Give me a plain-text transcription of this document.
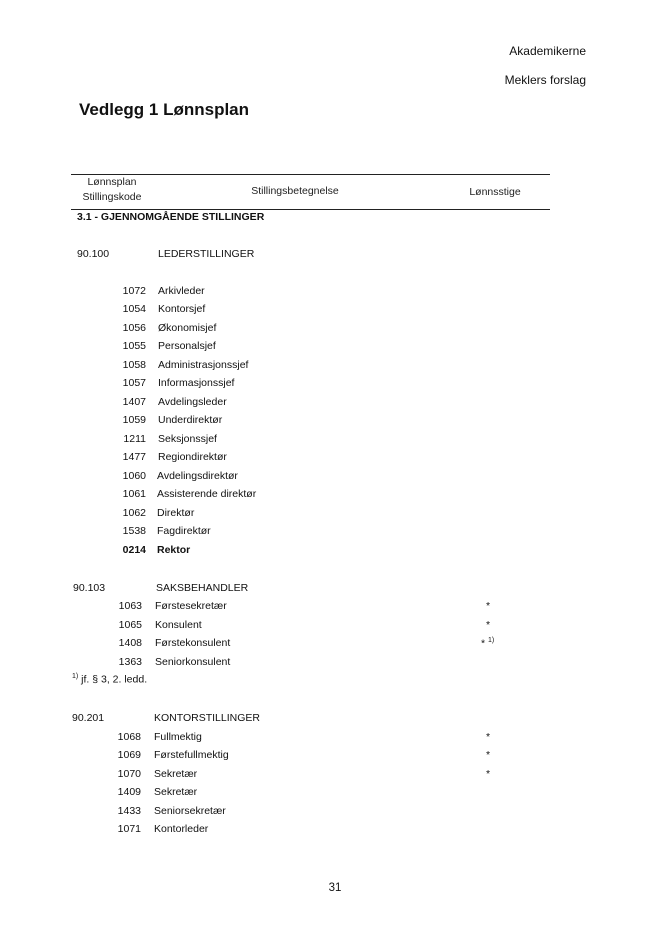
Akademikerne
Meklers forslag
Vedlegg 1 Lønnsplan
Lønnsplan
Stillingskode	Stillingsbetegnelse	Lønnsstige
3.1 - GJENNOMGÅENDE STILLINGER
90.100	LEDERSTILLINGER
1072 Arkivleder
1054 Kontorsjef
1056 Økonomisjef
1055 Personalsjef
1058 Administrasjonssjef
1057 Informasjonssjef
1407 Avdelingsleder
1059 Underdirektør
1211 Seksjonssjef
1477 Regiondirektør
1060 Avdelingsdirektør
1061 Assisterende direktør
1062 Direktør
1538 Fagdirektør
0214 Rektor
90.103	SAKSBEHANDLER
1063 Førstesekretær	*
1065 Konsulent	*
1408 Førstekonsulent	* $^{1)}$
1363 Seniorkonsulent
$^{1)}$ jf. § 3, 2. ledd.
90.201	KONTORSTILLINGER
1068 Fullmektig	*
1069 Førstefullmektig	*
1070 Sekretær	*
1409 Sekretær
1433 Seniorsekretær
1071 Kontorleder
31
